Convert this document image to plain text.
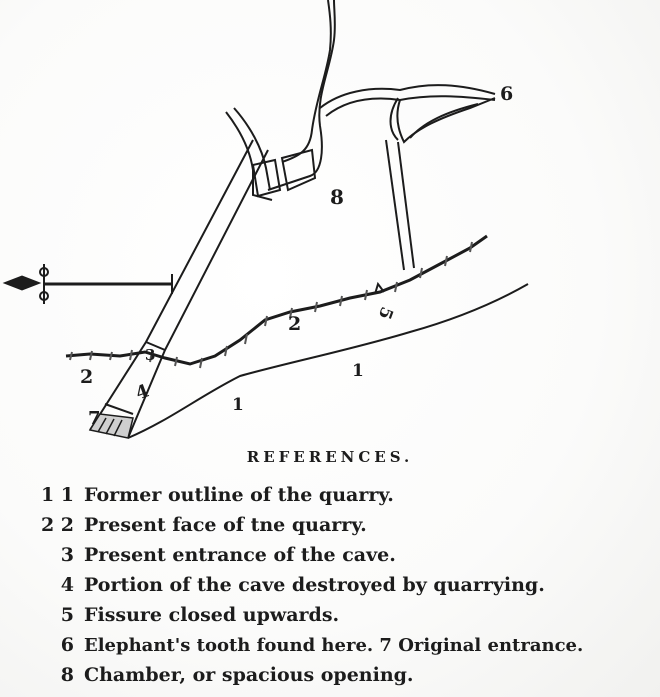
1
1
2
2
3
4
5
6
7
8
REFERENCES.
1 1 Former outline of the quarry.
2 2 Present face of tne quarry.
3 Present entrance of the cave.
4 Portion of the cave destroyed by quarrying.
5 Fissure closed upwards.
6 Elephant's tooth found here. 7 Original entrance.
8 Chamber, or spacious opening.
